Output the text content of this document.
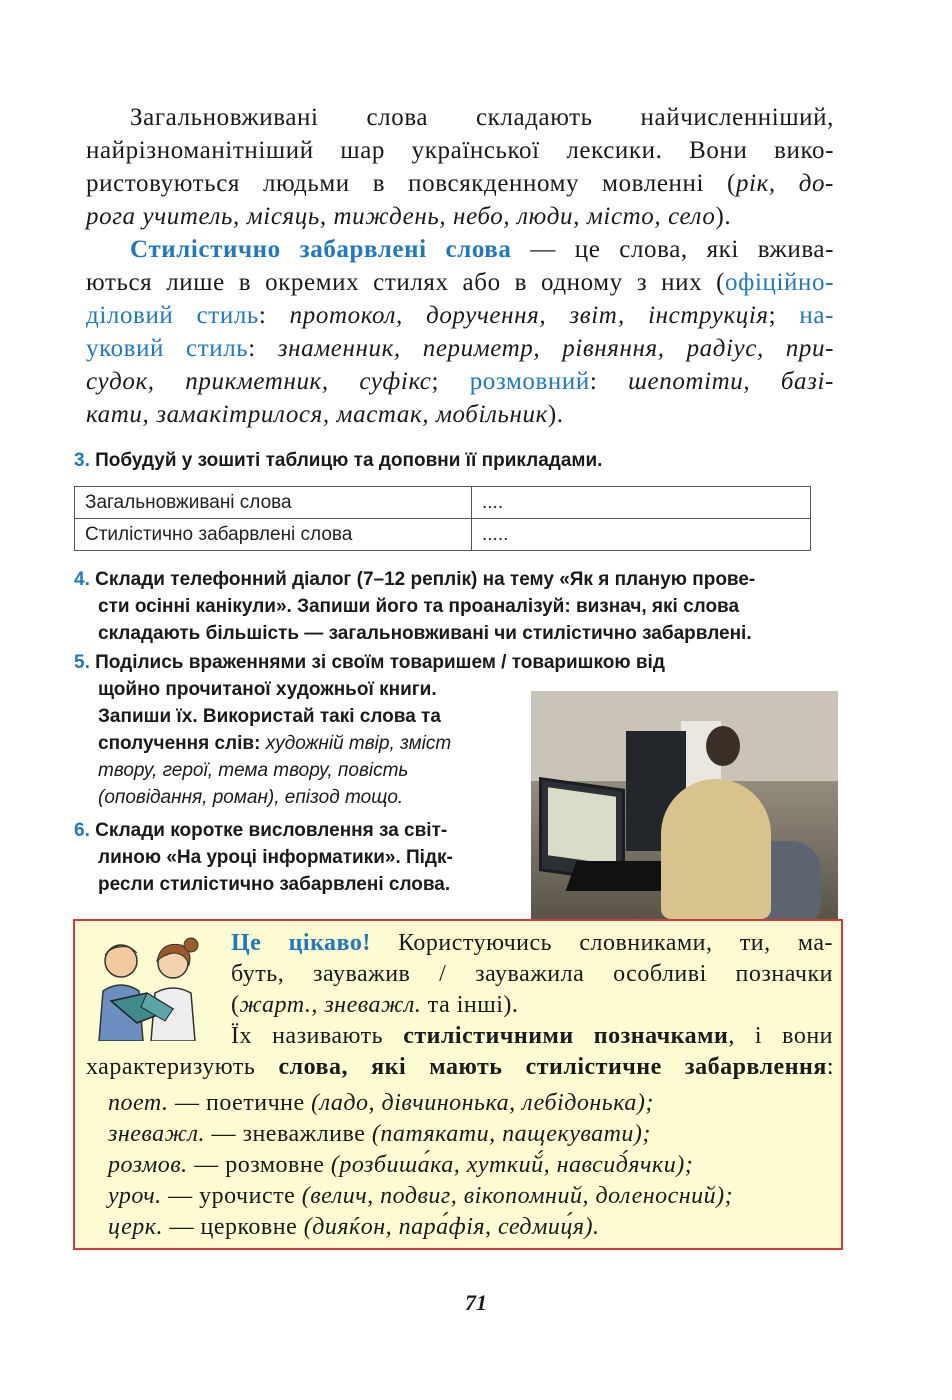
Загальновживані слова складають найчисленніший,
найрізноманітніший шар української лексики. Вони вико-
ристовуються людьми в повсякденному мовленні (рік, до-
рога учитель, місяць, тиждень, небо, люди, місто, село).
Стилістично забарвлені слова — це слова, які вжива-
ються лише в окремих стилях або в одному з них (офіційно-
діловий стиль: протокол, доручення, звіт, інструкція; на-
уковий стиль: знаменник, периметр, рівняння, радіус, при-
судок, прикметник, суфікс; розмовний: шепотіти, базі-
кати, замакітрилося, мастак, мобільник).
3. Побудуй у зошиті таблицю та доповни її прикладами.
Загальновживані слова	....
Стилістично забарвлені слова	.....
4. Склади телефонний діалог (7–12 реплік) на тему «Як я планую прове-
сти осінні канікули». Запиши його та проаналізуй: визнач, які слова
складають більшість — загальновживані чи стилістично забарвлені.
5. Поділись враженнями зі своїм товаришем / товаришкою від
щойно прочитаної художньої книги.
Запиши їх. Використай такі слова та
сполучення слів: художній твір, зміст
твору, герої, тема твору, повість
(оповідання, роман), епізод тощо.
6. Склади коротке висловлення за світ-
линою «На уроці інформатики». Підк-
ресли стилістично забарвлені слова.
Це цікаво! Користуючись словниками, ти, ма-
буть, зауважив / зауважила особливі позначки
(жарт., зневажл. та інші).
Їх називають стилістичними позначками, і вони
характеризують слова, які мають стилістичне забарвлення:
поет. — поетичне (ладо, дівчинонька, лебідонька);
зневажл. — зневажливе (патякати, пащекувати);
розмов. — розмовне (розбиша́ка, хуткий́, навсид́ячки);
уроч. — урочисте (велич, подвиг, вікопомний, доленосний);
церк. — церковне (дияќон, пара́фія, седмиц́я).
71
